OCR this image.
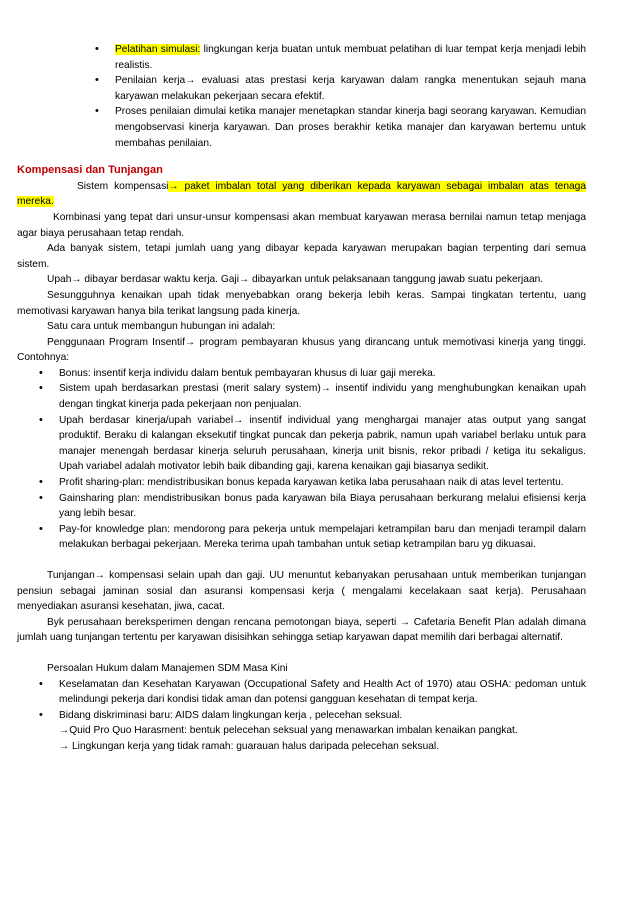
• Pelatihan simulasi: lingkungan kerja buatan untuk membuat pelatihan di luar tempat kerja menjadi lebih realistis.
• Penilaian kerja→ evaluasi atas prestasi kerja karyawan dalam rangka menentukan sejauh mana karyawan melakukan pekerjaan secara efektif.
• Proses penilaian dimulai ketika manajer menetapkan standar kinerja bagi seorang karyawan. Kemudian mengobservasi kinerja karyawan. Dan proses berakhir ketika manajer dan karyawan bertemu untuk membahas penilaian.

Kompensasi dan Tunjangan

Sistem kompensasi→ paket imbalan total yang diberikan kepada karyawan sebagai imbalan atas tenaga mereka.

Kombinasi yang tepat dari unsur-unsur kompensasi akan membuat karyawan merasa bernilai namun tetap menjaga agar biaya perusahaan tetap rendah.

Ada banyak sistem, tetapi jumlah uang yang dibayar kepada karyawan merupakan bagian terpenting dari semua sistem.

Upah→ dibayar berdasar waktu kerja. Gaji→ dibayarkan untuk pelaksanaan tanggung jawab suatu pekerjaan.

Sesungguhnya kenaikan upah tidak menyebabkan orang bekerja lebih keras. Sampai tingkatan tertentu, uang memotivasi karyawan hanya bila terikat langsung pada kinerja.

Satu cara untuk membangun hubungan ini adalah:

Penggunaan Program Insentif→ program pembayaran khusus yang dirancang untuk memotivasi kinerja yang tinggi. Contohnya:

• Bonus: insentif kerja individu dalam bentuk pembayaran khusus di luar gaji mereka.
• Sistem upah berdasarkan prestasi (merit salary system)→ insentif individu yang menghubungkan kenaikan upah dengan tingkat kinerja pada pekerjaan non penjualan.
• Upah berdasar kinerja/upah variabel→ insentif individual yang menghargai manajer atas output yang sangat produktif. Beraku di kalangan eksekutif tingkat puncak dan pekerja pabrik, namun upah variabel berlaku untuk para manajer menengah berdasar kinerja seluruh perusahaan, kinerja unit bisnis, rekor pribadi / ketiga itu sekaligus. Upah variabel adalah motivator lebih baik dibanding gaji, karena kenaikan gaji biasanya sedikit.
• Profit sharing-plan: mendistribusikan bonus kepada karyawan ketika laba perusahaan naik di atas level tertentu.
• Gainsharing plan: mendistribusikan bonus pada karyawan bila Biaya perusahaan berkurang melalui efisiensi kerja yang lebih besar.
• Pay-for knowledge plan: mendorong para pekerja untuk mempelajari ketrampilan baru dan menjadi terampil dalam melakukan berbagai pekerjaan. Mereka terima upah tambahan untuk setiap ketrampilan baru yg dikuasai.

Tunjangan→ kompensasi selain upah dan gaji. UU menuntut kebanyakan perusahaan untuk memberikan tunjangan pensiun sebagai jaminan sosial dan asuransi kompensasi kerja ( mengalami kecelakaan saat kerja). Perusahaan menyediakan asuransi kesehatan, jiwa, cacat.

Byk perusahaan bereksperimen dengan rencana pemotongan biaya, seperti → Cafetaria Benefit Plan adalah dimana jumlah uang tunjangan tertentu per karyawan disisihkan sehingga setiap karyawan dapat memilih dari berbagai alternatif.

Persoalan Hukum dalam Manajemen SDM Masa Kini

• Keselamatan dan Kesehatan Karyawan (Occupational Safety and Health Act of 1970) atau OSHA: pedoman untuk melindungi pekerja dari kondisi tidak aman dan potensi gangguan kesehatan di tempat kerja.
• Bidang diskriminasi baru: AIDS dalam lingkungan kerja , pelecehan seksual.
→Quid Pro Quo Harasment: bentuk pelecehan seksual yang menawarkan imbalan kenaikan pangkat.
→ Lingkungan kerja yang tidak ramah: guarauan halus daripada pelecehan seksual.
